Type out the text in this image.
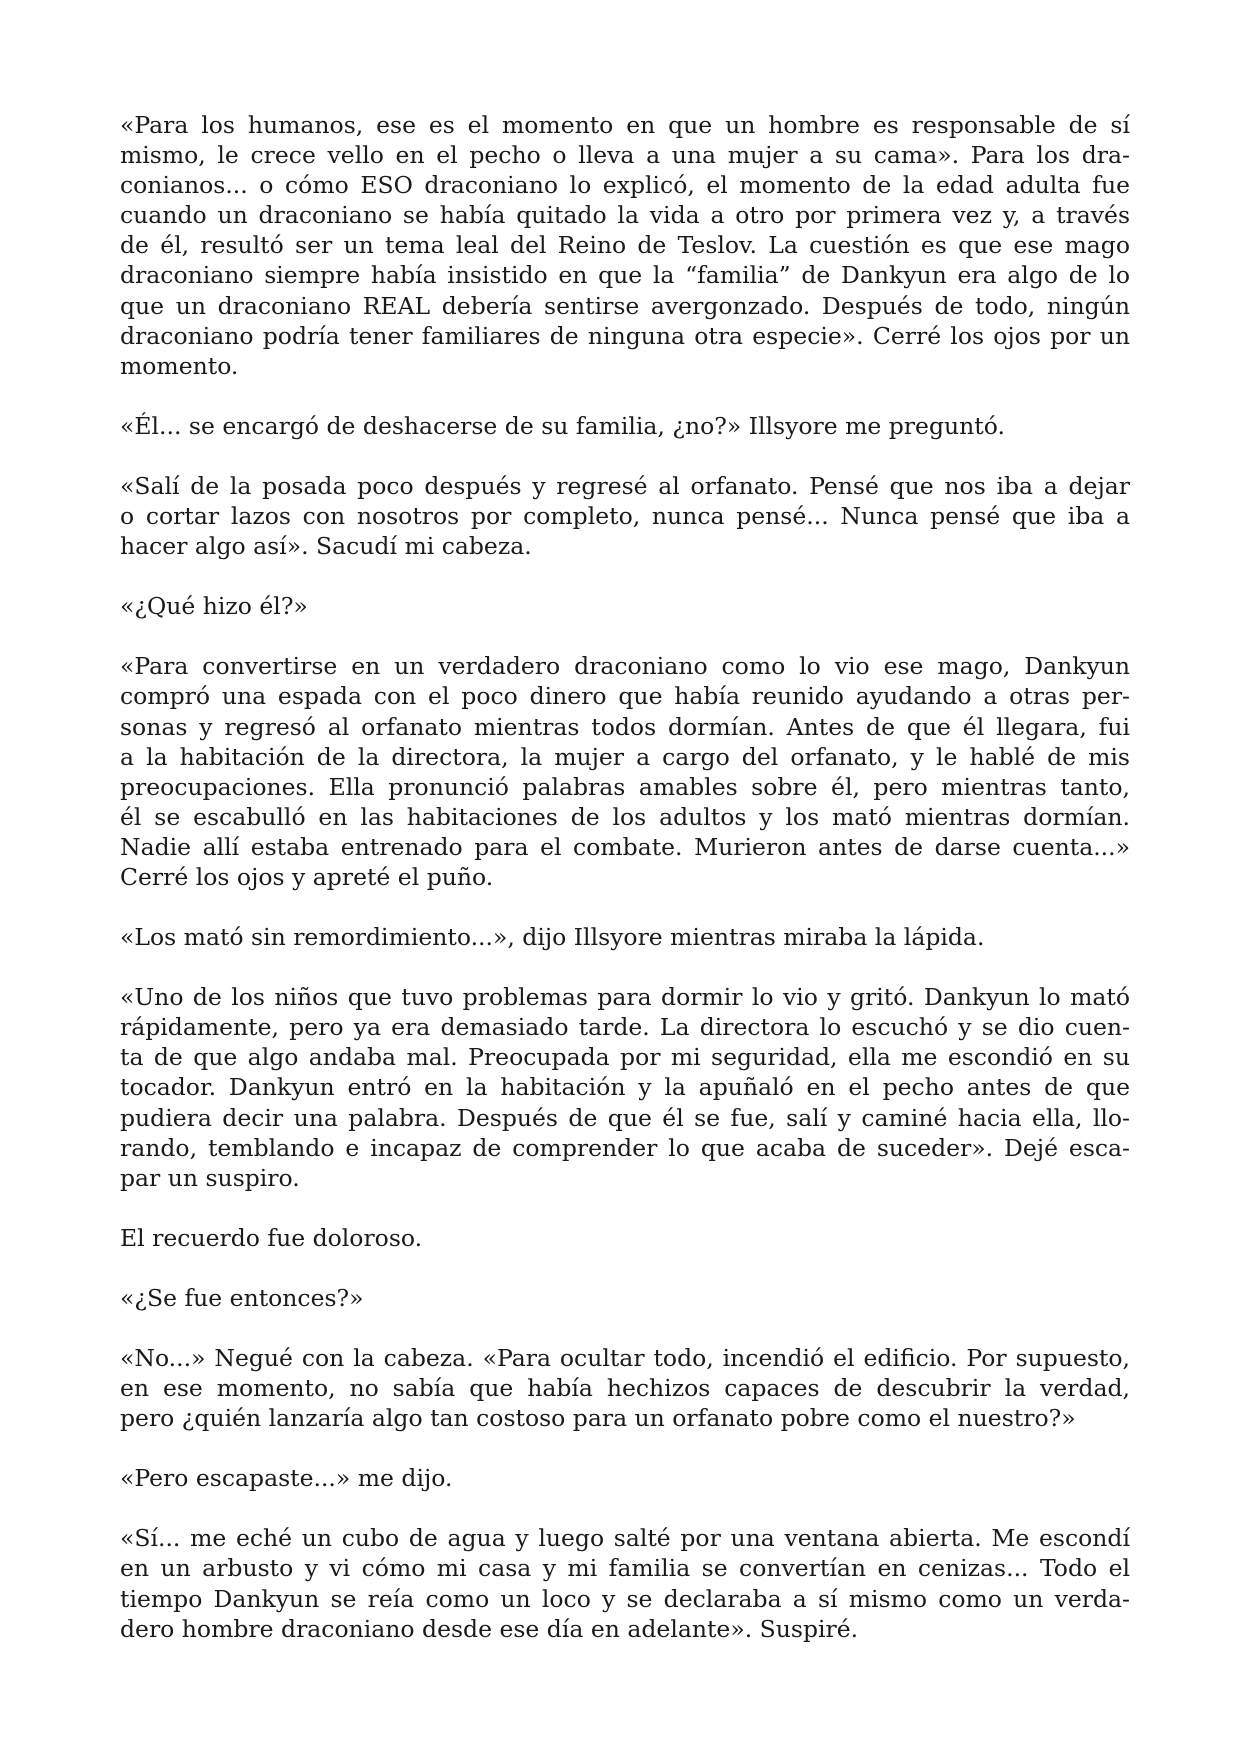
«Para los humanos, ese es el momento en que un hombre es responsable de sí
mismo, le crece vello en el pecho o lleva a una mujer a su cama». Para los dra-
conianos... o cómo ESO draconiano lo explicó, el momento de la edad adulta fue
cuando un draconiano se había quitado la vida a otro por primera vez y, a través
de él, resultó ser un tema leal del Reino de Teslov. La cuestión es que ese mago
draconiano siempre había insistido en que la “familia” de Dankyun era algo de lo
que un draconiano REAL debería sentirse avergonzado. Después de todo, ningún
draconiano podría tener familiares de ninguna otra especie». Cerré los ojos por un
momento.

«Él... se encargó de deshacerse de su familia, ¿no?» Illsyore me preguntó.

«Salí de la posada poco después y regresé al orfanato. Pensé que nos iba a dejar
o cortar lazos con nosotros por completo, nunca pensé... Nunca pensé que iba a
hacer algo así». Sacudí mi cabeza.

«¿Qué hizo él?»

«Para convertirse en un verdadero draconiano como lo vio ese mago, Dankyun
compró una espada con el poco dinero que había reunido ayudando a otras per-
sonas y regresó al orfanato mientras todos dormían. Antes de que él llegara, fui
a la habitación de la directora, la mujer a cargo del orfanato, y le hablé de mis
preocupaciones. Ella pronunció palabras amables sobre él, pero mientras tanto,
él se escabulló en las habitaciones de los adultos y los mató mientras dormían.
Nadie allí estaba entrenado para el combate. Murieron antes de darse cuenta...»
Cerré los ojos y apreté el puño.

«Los mató sin remordimiento...», dijo Illsyore mientras miraba la lápida.

«Uno de los niños que tuvo problemas para dormir lo vio y gritó. Dankyun lo mató
rápidamente, pero ya era demasiado tarde. La directora lo escuchó y se dio cuen-
ta de que algo andaba mal. Preocupada por mi seguridad, ella me escondió en su
tocador. Dankyun entró en la habitación y la apuñaló en el pecho antes de que
pudiera decir una palabra. Después de que él se fue, salí y caminé hacia ella, llo-
rando, temblando e incapaz de comprender lo que acaba de suceder». Dejé esca-
par un suspiro.

El recuerdo fue doloroso.

«¿Se fue entonces?»

«No...» Negué con la cabeza. «Para ocultar todo, incendió el edificio. Por supuesto,
en ese momento, no sabía que había hechizos capaces de descubrir la verdad,
pero ¿quién lanzaría algo tan costoso para un orfanato pobre como el nuestro?»

«Pero escapaste...» me dijo.

«Sí... me eché un cubo de agua y luego salté por una ventana abierta. Me escondí
en un arbusto y vi cómo mi casa y mi familia se convertían en cenizas... Todo el
tiempo Dankyun se reía como un loco y se declaraba a sí mismo como un verda-
dero hombre draconiano desde ese día en adelante». Suspiré.
